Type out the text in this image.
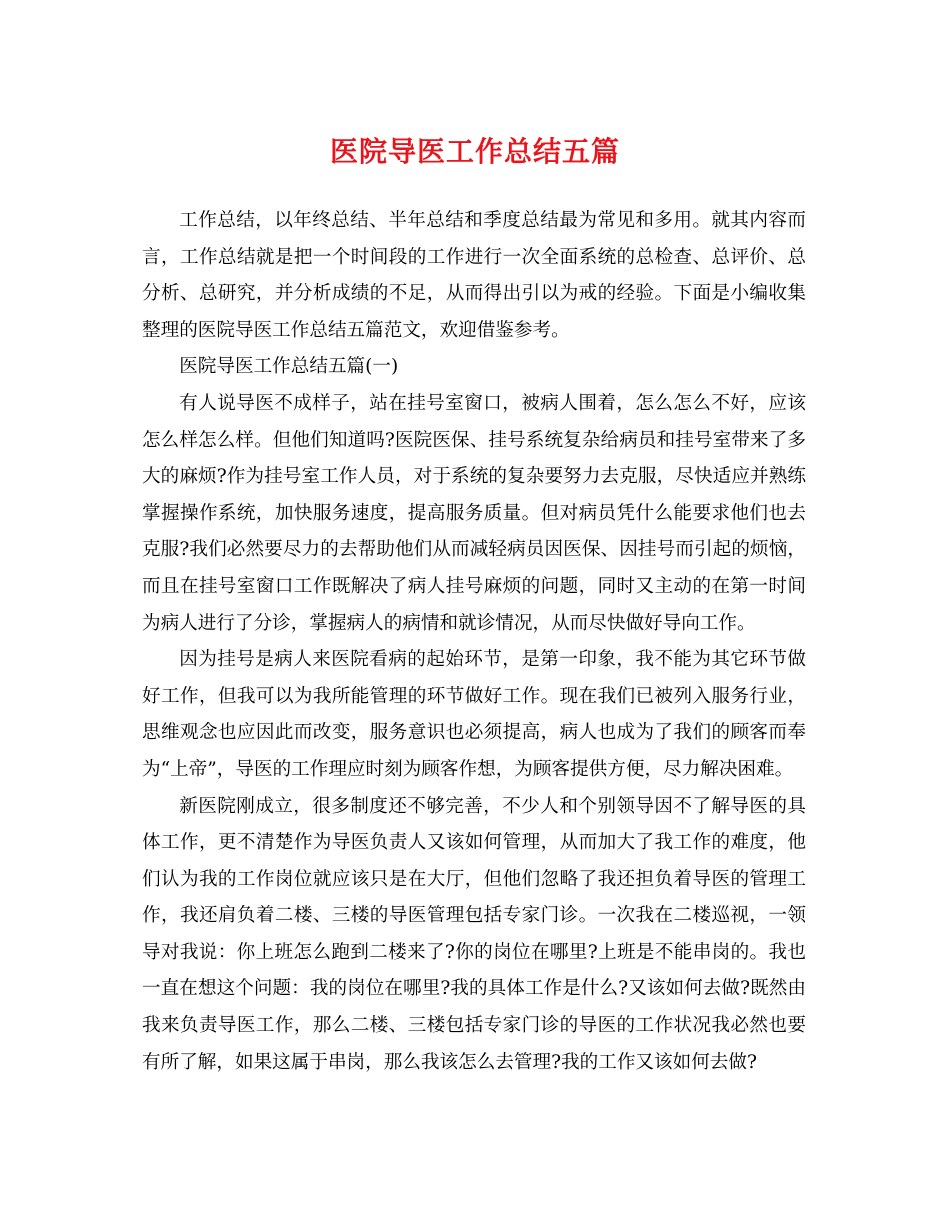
医院导医工作总结五篇

工作总结，以年终总结、半年总结和季度总结最为常见和多用。就其内容而言，工作总结就是把一个时间段的工作进行一次全面系统的总检查、总评价、总分析、总研究，并分析成绩的不足，从而得出引以为戒的经验。下面是小编收集整理的医院导医工作总结五篇范文，欢迎借鉴参考。

医院导医工作总结五篇(一)

有人说导医不成样子，站在挂号室窗口，被病人围着，怎么怎么不好，应该怎么样怎么样。但他们知道吗?医院医保、挂号系统复杂给病员和挂号室带来了多大的麻烦?作为挂号室工作人员，对于系统的复杂要努力去克服，尽快适应并熟练掌握操作系统，加快服务速度，提高服务质量。但对病员凭什么能要求他们也去克服?我们必然要尽力的去帮助他们从而减轻病员因医保、因挂号而引起的烦恼，而且在挂号室窗口工作既解决了病人挂号麻烦的问题，同时又主动的在第一时间为病人进行了分诊，掌握病人的病情和就诊情况，从而尽快做好导向工作。

因为挂号是病人来医院看病的起始环节，是第一印象，我不能为其它环节做好工作，但我可以为我所能管理的环节做好工作。现在我们已被列入服务行业，思维观念也应因此而改变，服务意识也必须提高，病人也成为了我们的顾客而奉为“上帝”，导医的工作理应时刻为顾客作想，为顾客提供方便，尽力解决困难。

新医院刚成立，很多制度还不够完善，不少人和个别领导因不了解导医的具体工作，更不清楚作为导医负责人又该如何管理，从而加大了我工作的难度，他们认为我的工作岗位就应该只是在大厅，但他们忽略了我还担负着导医的管理工作，我还肩负着二楼、三楼的导医管理包括专家门诊。一次我在二楼巡视，一领导对我说：你上班怎么跑到二楼来了?你的岗位在哪里?上班是不能串岗的。我也一直在想这个问题：我的岗位在哪里?我的具体工作是什么?又该如何去做?既然由我来负责导医工作，那么二楼、三楼包括专家门诊的导医的工作状况我必然也要有所了解，如果这属于串岗，那么我该怎么去管理?我的工作又该如何去做?
